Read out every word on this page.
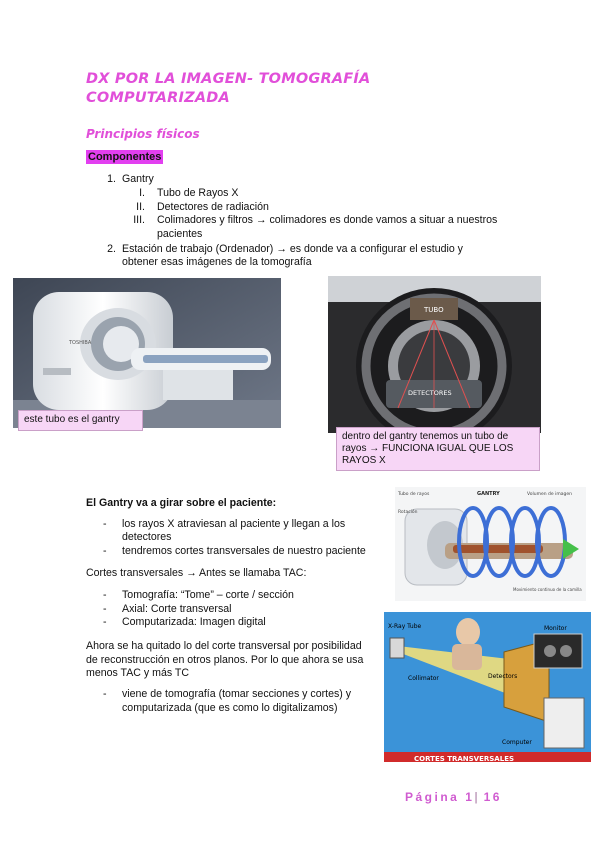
DX POR LA IMAGEN- TOMOGRAFÍA COMPUTARIZADA
Principios físicos
Componentes
1. Gantry
I. Tubo de Rayos X
II. Detectores de radiación
III. Colimadores y filtros → colimadores es donde vamos a situar a nuestros
pacientes
2. Estación de trabajo (Ordenador) → es donde va a configurar el estudio y
obtener esas imágenes de la tomografía
TOSHIBA
este tubo es el gantry
TUBO
DETECTORES
dentro del gantry tenemos un tubo de rayos → FUNCIONA IGUAL QUE LOS RAYOS X
El Gantry va a girar sobre el paciente:
-	los rayos X atraviesan al paciente y llegan a los
detectores
-	tendremos cortes transversales de nuestro paciente
Cortes transversales → Antes se llamaba TAC:
-	Tomografía: “Tome” – corte / sección
-	Axial: Corte transversal
-	Computarizada: Imagen digital
Ahora se ha quitado lo del corte transversal por posibilidad
de reconstrucción en otros planos. Por lo que ahora se usa
menos TAC y más TC
-	viene de tomografía (tomar secciones y cortes) y
computarizada (que es como lo digitalizamos)
Tubo de rayos	GANTRY	Volumen de imagen
Rotación
Movimiento continuo de la camilla
X-Ray Tube	Monitor
Collimator	Detectors
Computer
CORTES TRANSVERSALES
Página 1| 16
